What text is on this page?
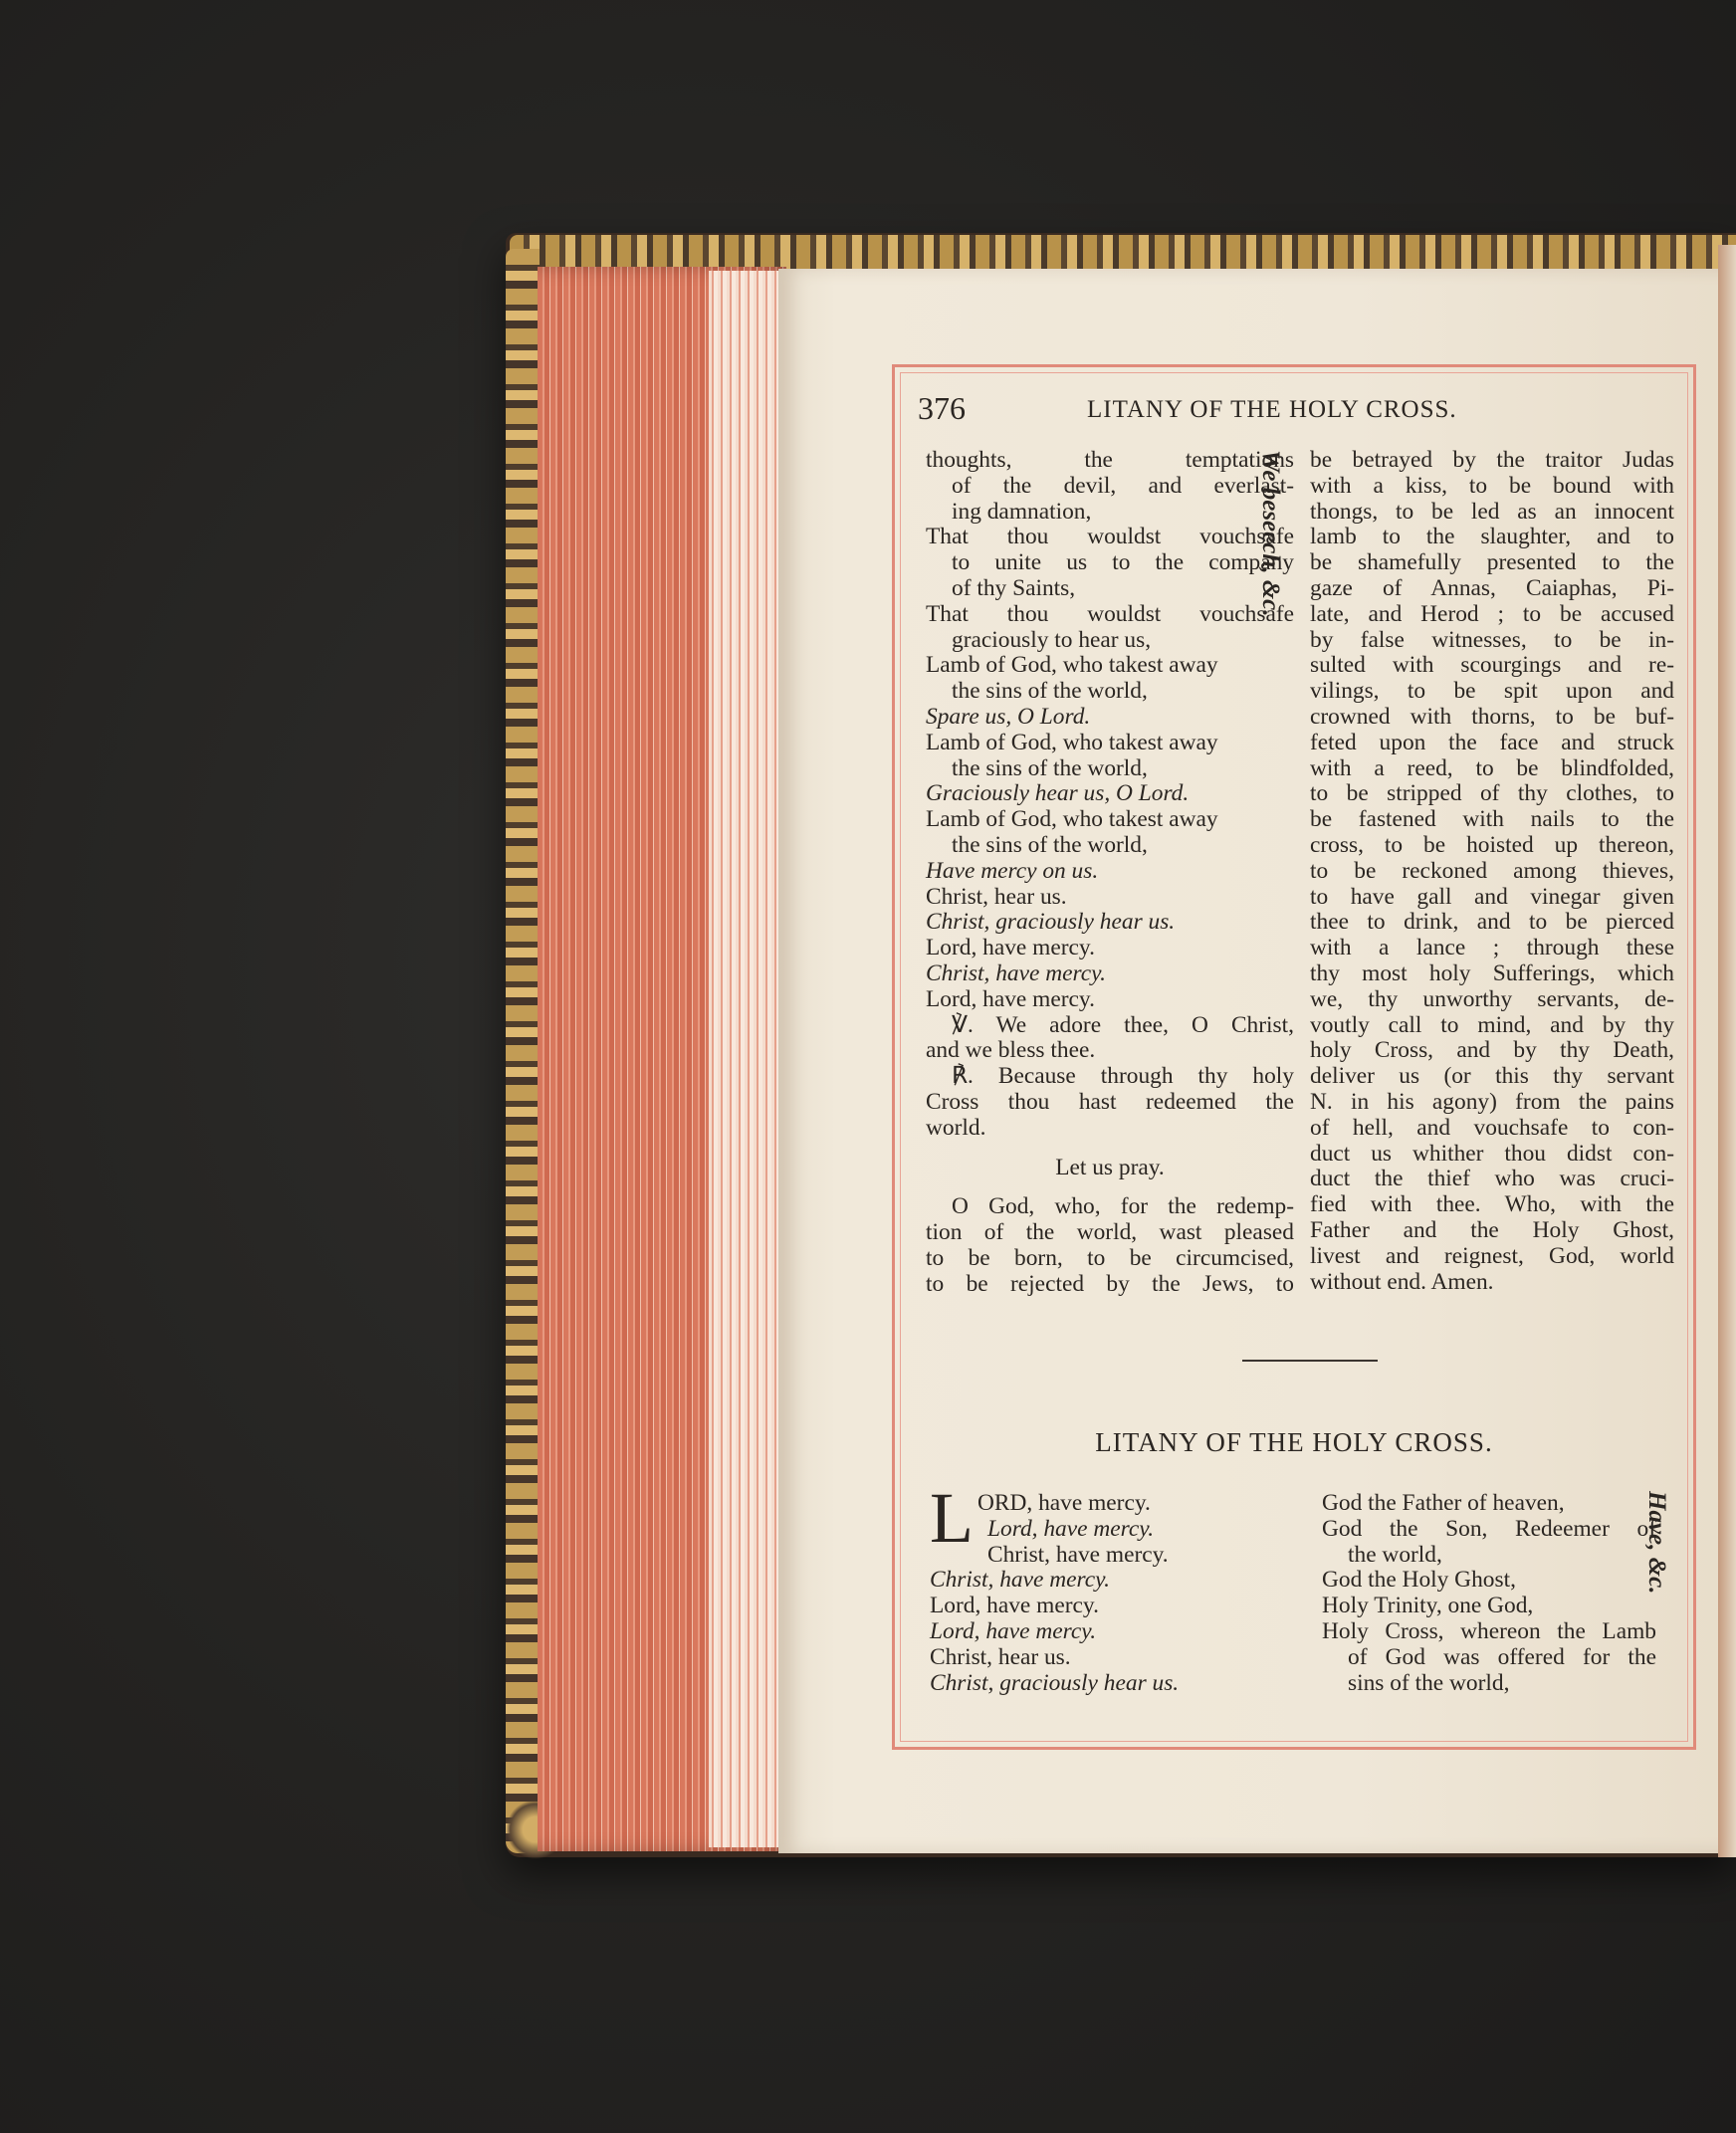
376	LITANY OF THE HOLY CROSS.
thoughts, the temptations
of the devil, and everlast-
ing damnation,
That thou wouldst vouchsafe
to unite us to the company
of thy Saints,
That thou wouldst vouchsafe
graciously to hear us,
Lamb of God, who takest away
the sins of the world,
Spare us, O Lord.
Lamb of God, who takest away
the sins of the world,
Graciously hear us, O Lord.
Lamb of God, who takest away
the sins of the world,
Have mercy on us.
Christ, hear us.
Christ, graciously hear us.
Lord, have mercy.
Christ, have mercy.
Lord, have mercy.
℣. We adore thee, O Christ,
and we bless thee.
℟. Because through thy holy
Cross thou hast redeemed the
world.
Let us pray.
O God, who, for the redemp-
tion of the world, wast pleased
to be born, to be circumcised,
to be rejected by the Jews, to
We beseech, &c. be betrayed by the traitor Judas
with a kiss, to be bound with
thongs, to be led as an innocent
lamb to the slaughter, and to
be shamefully presented to the
gaze of Annas, Caiaphas, Pi-
late, and Herod ; to be accused
by false witnesses, to be in-
sulted with scourgings and re-
vilings, to be spit upon and
crowned with thorns, to be buf-
feted upon the face and struck
with a reed, to be blindfolded,
to be stripped of thy clothes, to
be fastened with nails to the
cross, to be hoisted up thereon,
to be reckoned among thieves,
to have gall and vinegar given
thee to drink, and to be pierced
with a lance ; through these
thy most holy Sufferings, which
we, thy unworthy servants, de-
voutly call to mind, and by thy
holy Cross, and by thy Death,
deliver us (or this thy servant
N. in his agony) from the pains
of hell, and vouchsafe to con-
duct us whither thou didst con-
duct the thief who was cruci-
fied with thee. Who, with the
Father and the Holy Ghost,
livest and reignest, God, world
without end. Amen.
LITANY OF THE HOLY CROSS.
L ORD, have mercy.
Lord, have mercy.
Christ, have mercy.
Christ, have mercy.
Lord, have mercy.
Lord, have mercy.
Christ, hear us.
Christ, graciously hear us.
God the Father of heaven,
God the Son, Redeemer of
the world,
God the Holy Ghost,
Holy Trinity, one God,
Holy Cross, whereon the Lamb
of God was offered for the
sins of the world,
Have, &c.
